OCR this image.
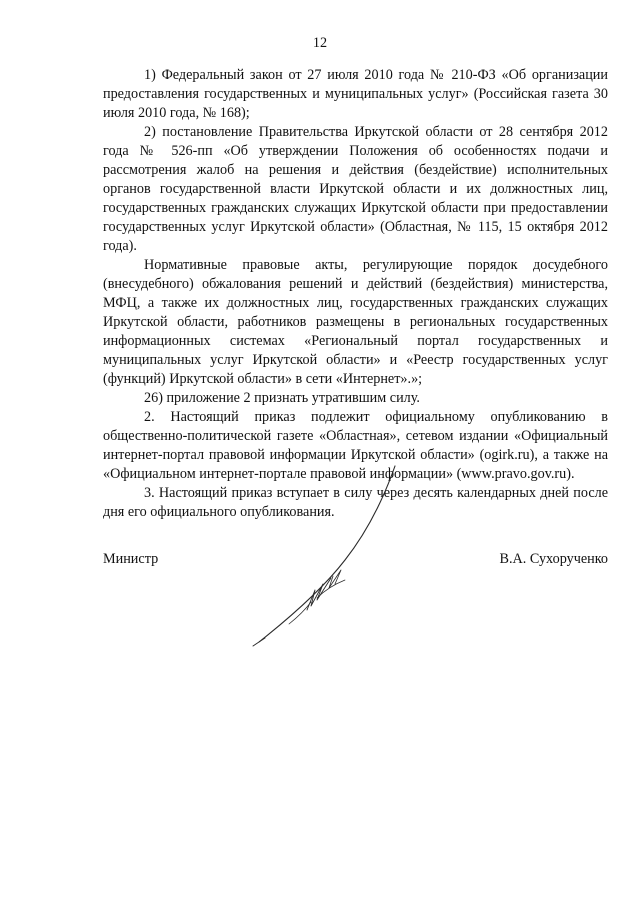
12

1) Федеральный закон от 27 июля 2010 года № 210-ФЗ «Об организации предоставления государственных и муниципальных услуг» (Российская газета 30 июля 2010 года, № 168);

2) постановление Правительства Иркутской области от 28 сентября 2012 года № 526-пп «Об утверждении Положения об особенностях подачи и рассмотрения жалоб на решения и действия (бездействие) исполнительных органов государственной власти Иркутской области и их должностных лиц, государственных гражданских служащих Иркутской области при предоставлении государственных услуг Иркутской области» (Областная, № 115, 15 октября 2012 года).

Нормативные правовые акты, регулирующие порядок досудебного (внесудебного) обжалования решений и действий (бездействия) министерства, МФЦ, а также их должностных лиц, государственных гражданских служащих Иркутской области, работников размещены в региональных государственных информационных системах «Региональный портал государственных и муниципальных услуг Иркутской области» и «Реестр государственных услуг (функций) Иркутской области» в сети «Интернет».»;

26) приложение 2 признать утратившим силу.

2. Настоящий приказ подлежит официальному опубликованию в общественно-политической газете «Областная», сетевом издании «Официальный интернет-портал правовой информации Иркутской области» (ogirk.ru), а также на «Официальном интернет-портале правовой информации» (www.pravo.gov.ru).

3. Настоящий приказ вступает в силу через десять календарных дней после дня его официального опубликования.

Министр	В.А. Сухорученко
